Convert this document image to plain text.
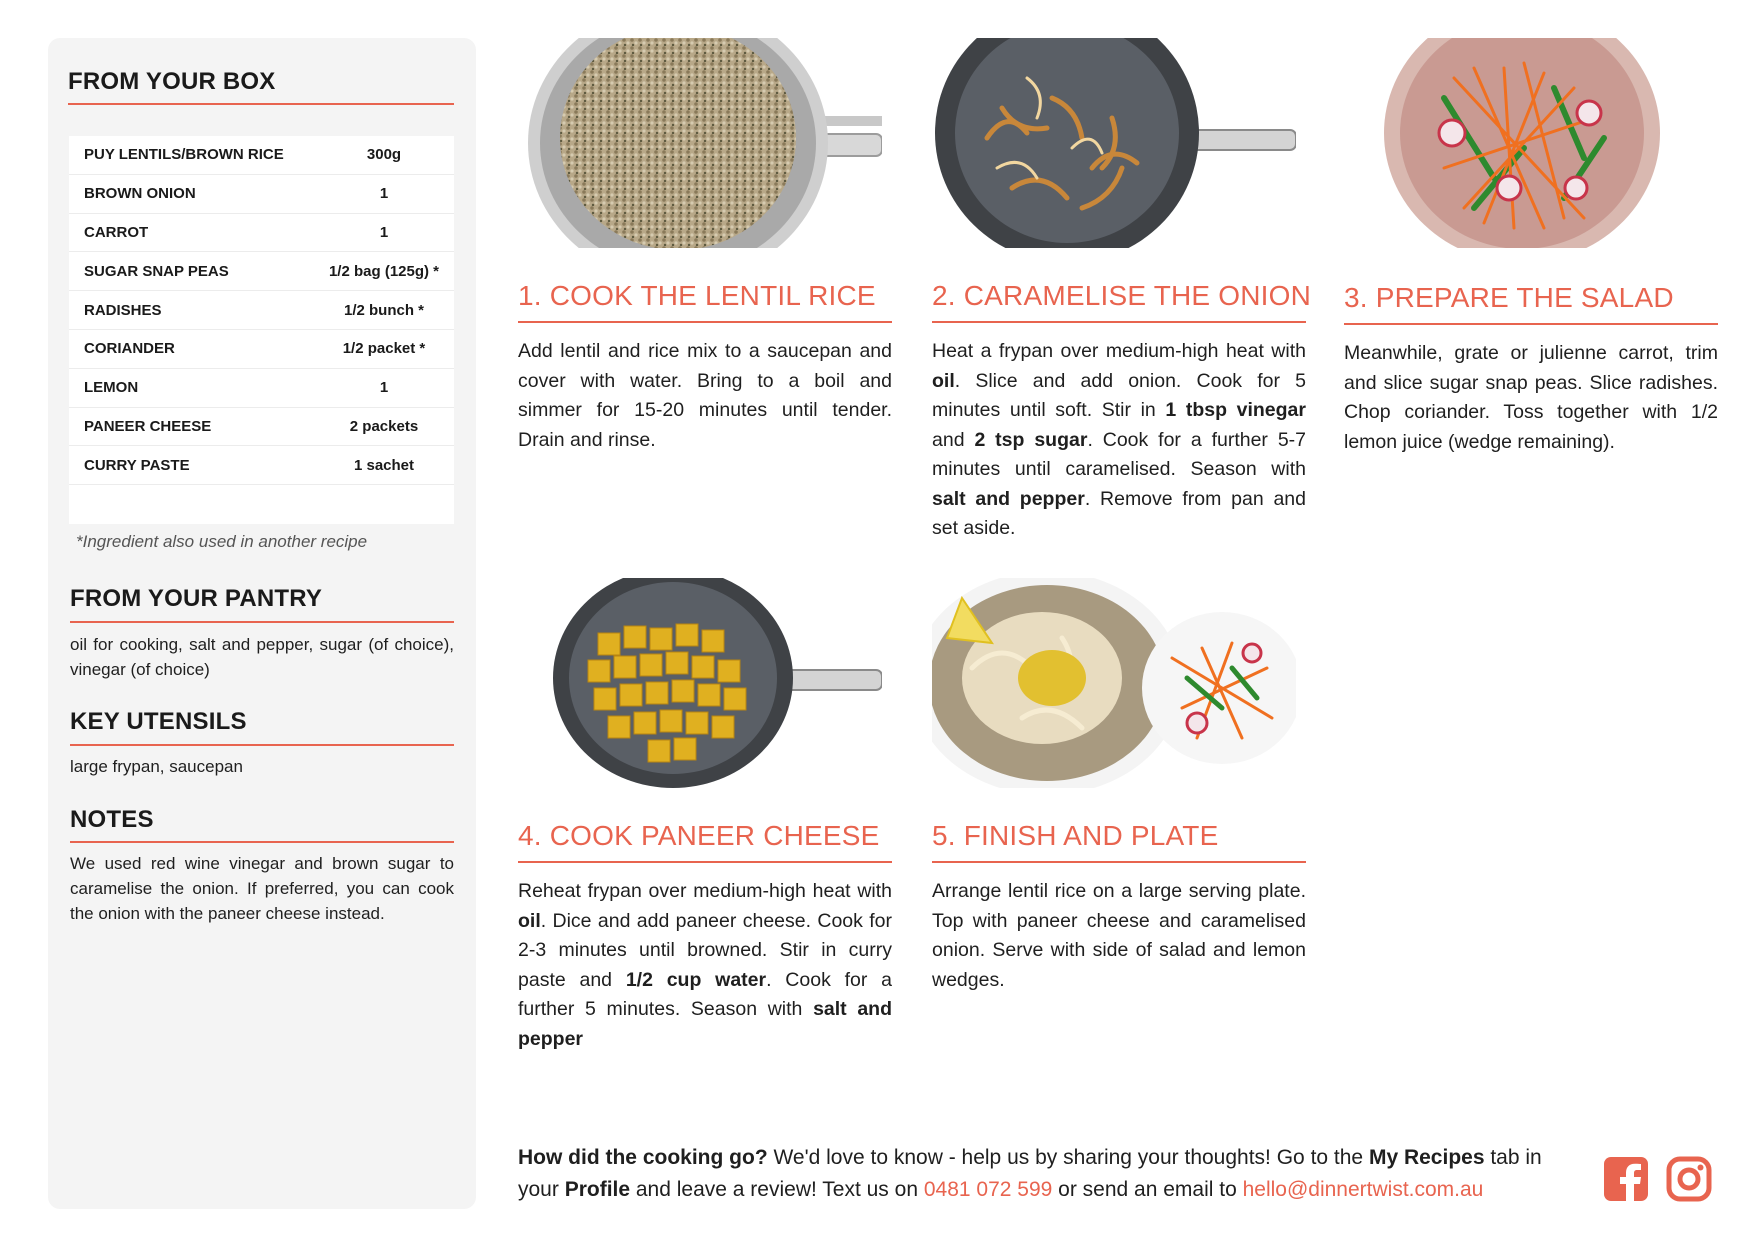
FROM YOUR BOX
PUY LENTILS/BROWN RICE	300g
BROWN ONION	1
CARROT	1
SUGAR SNAP PEAS	1/2 bag (125g) *
RADISHES	1/2 bunch *
CORIANDER	1/2 packet *
LEMON	1
PANEER CHEESE	2 packets
CURRY PASTE	1 sachet
*Ingredient also used in another recipe
FROM YOUR PANTRY
oil for cooking, salt and pepper, sugar (of choice), vinegar (of choice)
KEY UTENSILS
large frypan, saucepan
NOTES
We used red wine vinegar and brown sugar to caramelise the onion. If preferred, you can cook the onion with the paneer cheese instead.
1. COOK THE LENTIL RICE
Add lentil and rice mix to a saucepan and cover with water. Bring to a boil and simmer for 15-20 minutes until tender. Drain and rinse.
2. CARAMELISE THE ONION
Heat a frypan over medium-high heat with oil. Slice and add onion. Cook for 5 minutes until soft. Stir in 1 tbsp vinegar and 2 tsp sugar. Cook for a further 5-7 minutes until caramelised. Season with salt and pepper. Remove from pan and set aside.
3. PREPARE THE SALAD
Meanwhile, grate or julienne carrot, trim and slice sugar snap peas. Slice radishes. Chop coriander. Toss together with 1/2 lemon juice (wedge remaining).
4. COOK PANEER CHEESE
Reheat frypan over medium-high heat with oil. Dice and add paneer cheese. Cook for 2-3 minutes until browned. Stir in curry paste and 1/2 cup water. Cook for a further 5 minutes. Season with salt and pepper
5. FINISH AND PLATE
Arrange lentil rice on a large serving plate. Top with paneer cheese and caramelised onion. Serve with side of salad and lemon wedges.
How did the cooking go? We'd love to know - help us by sharing your thoughts! Go to the My Recipes tab in your Profile and leave a review! Text us on 0481 072 599 or send an email to hello@dinnertwist.com.au
